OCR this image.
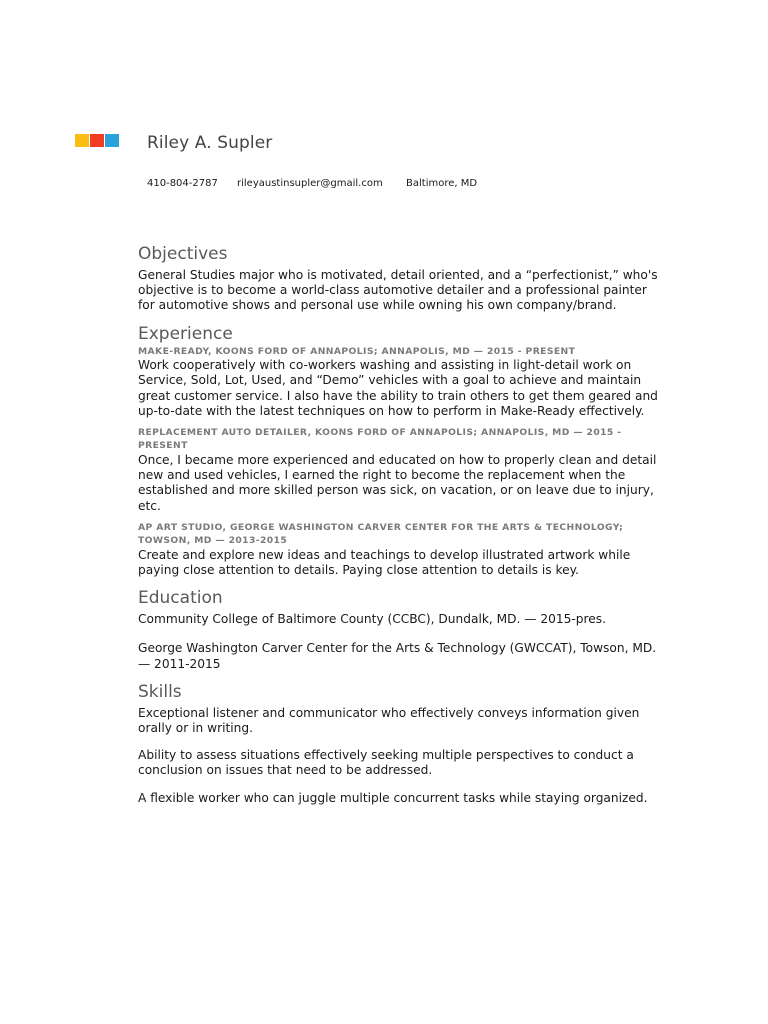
Riley A. Supler
410-804-2787	rileyaustinsupler@gmail.com	Baltimore, MD
Objectives

General Studies major who is motivated, detail oriented, and a “perfectionist,” who's objective is to become a world-class automotive detailer and a professional painter for automotive shows and personal use while owning his own company/brand.

Experience
MAKE-READY, KOONS FORD OF ANNAPOLIS; ANNAPOLIS, MD — 2015 - PRESENT

Work cooperatively with co-workers washing and assisting in light-detail work on Service, Sold, Lot, Used, and “Demo” vehicles with a goal to achieve and maintain great customer service. I also have the ability to train others to get them geared and up-to-date with the latest techniques on how to perform in Make-Ready effectively.

REPLACEMENT AUTO DETAILER, KOONS FORD OF ANNAPOLIS; ANNAPOLIS, MD — 2015 - PRESENT

Once, I became more experienced and educated on how to properly clean and detail new and used vehicles, I earned the right to become the replacement when the established and more skilled person was sick, on vacation, or on leave due to injury, etc.

AP ART STUDIO, GEORGE WASHINGTON CARVER CENTER FOR THE ARTS & TECHNOLOGY; TOWSON, MD — 2013-2015

Create and explore new ideas and teachings to develop illustrated artwork while paying close attention to details. Paying close attention to details is key.

Education

Community College of Baltimore County (CCBC), Dundalk, MD. — 2015-pres.

George Washington Carver Center for the Arts & Technology (GWCCAT), Towson, MD. — 2011-2015

Skills

Exceptional listener and communicator who effectively conveys information given orally or in writing.

Ability to assess situations effectively seeking multiple perspectives to conduct a conclusion on issues that need to be addressed.

A flexible worker who can juggle multiple concurrent tasks while staying organized.
